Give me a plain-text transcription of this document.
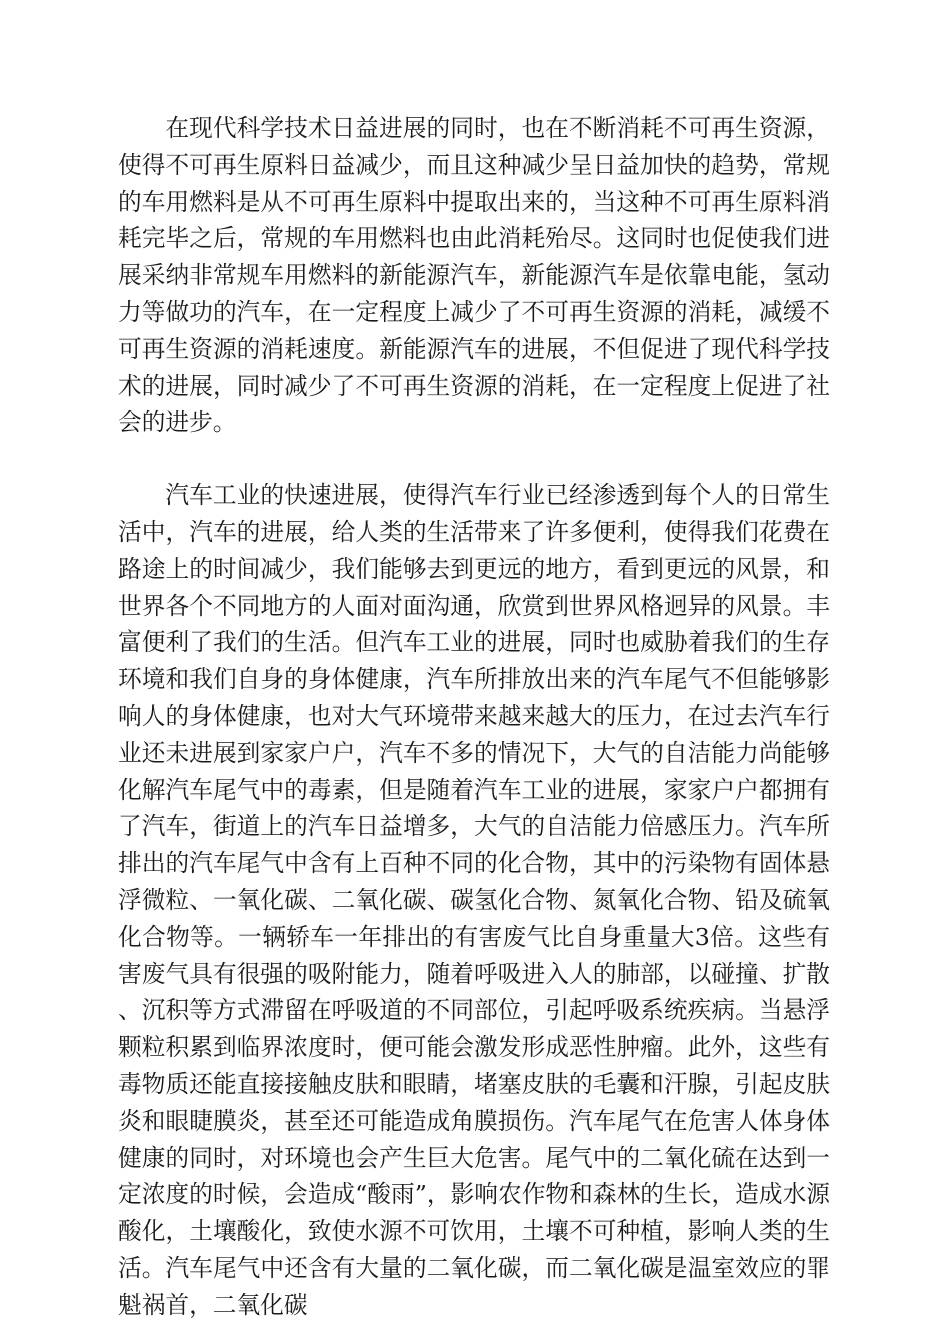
在现代科学技术日益进展的同时，也在不断消耗不可再生资源，使得不可再生原料日益减少，而且这种减少呈日益加快的趋势，常规的车用燃料是从不可再生原料中提取出来的，当这种不可再生原料消耗完毕之后，常规的车用燃料也由此消耗殆尽。这同时也促使我们进展采纳非常规车用燃料的新能源汽车，新能源汽车是依靠电能，氢动力等做功的汽车，在一定程度上减少了不可再生资源的消耗，减缓不可再生资源的消耗速度。新能源汽车的进展，不但促进了现代科学技术的进展，同时减少了不可再生资源的消耗，在一定程度上促进了社会的进步。

汽车工业的快速进展，使得汽车行业已经渗透到每个人的日常生活中，汽车的进展，给人类的生活带来了许多便利，使得我们花费在路途上的时间减少，我们能够去到更远的地方，看到更远的风景，和世界各个不同地方的人面对面沟通，欣赏到世界风格迥异的风景。丰富便利了我们的生活。但汽车工业的进展，同时也威胁着我们的生存环境和我们自身的身体健康，汽车所排放出来的汽车尾气不但能够影响人的身体健康，也对大气环境带来越来越大的压力，在过去汽车行业还未进展到家家户户，汽车不多的情况下，大气的自洁能力尚能够化解汽车尾气中的毒素，但是随着汽车工业的进展，家家户户都拥有了汽车，街道上的汽车日益增多，大气的自洁能力倍感压力。汽车所排出的汽车尾气中含有上百种不同的化合物，其中的污染物有固体悬浮微粒、一氧化碳、二氧化碳、碳氢化合物、氮氧化合物、铅及硫氧化合物等。一辆轿车一年排出的有害废气比自身重量大3倍。这些有害废气具有很强的吸附能力，随着呼吸进入人的肺部，以碰撞、扩散、沉积等方式滞留在呼吸道的不同部位，引起呼吸系统疾病。当悬浮颗粒积累到临界浓度时，便可能会激发形成恶性肿瘤。此外，这些有毒物质还能直接接触皮肤和眼睛，堵塞皮肤的毛囊和汗腺，引起皮肤炎和眼睫膜炎，甚至还可能造成角膜损伤。汽车尾气在危害人体身体健康的同时，对环境也会产生巨大危害。尾气中的二氧化硫在达到一定浓度的时候，会造成“酸雨”，影响农作物和森林的生长，造成水源酸化，土壤酸化，致使水源不可饮用，土壤不可种植，影响人类的生活。汽车尾气中还含有大量的二氧化碳，而二氧化碳是温室效应的罪魁祸首，二氧化碳
